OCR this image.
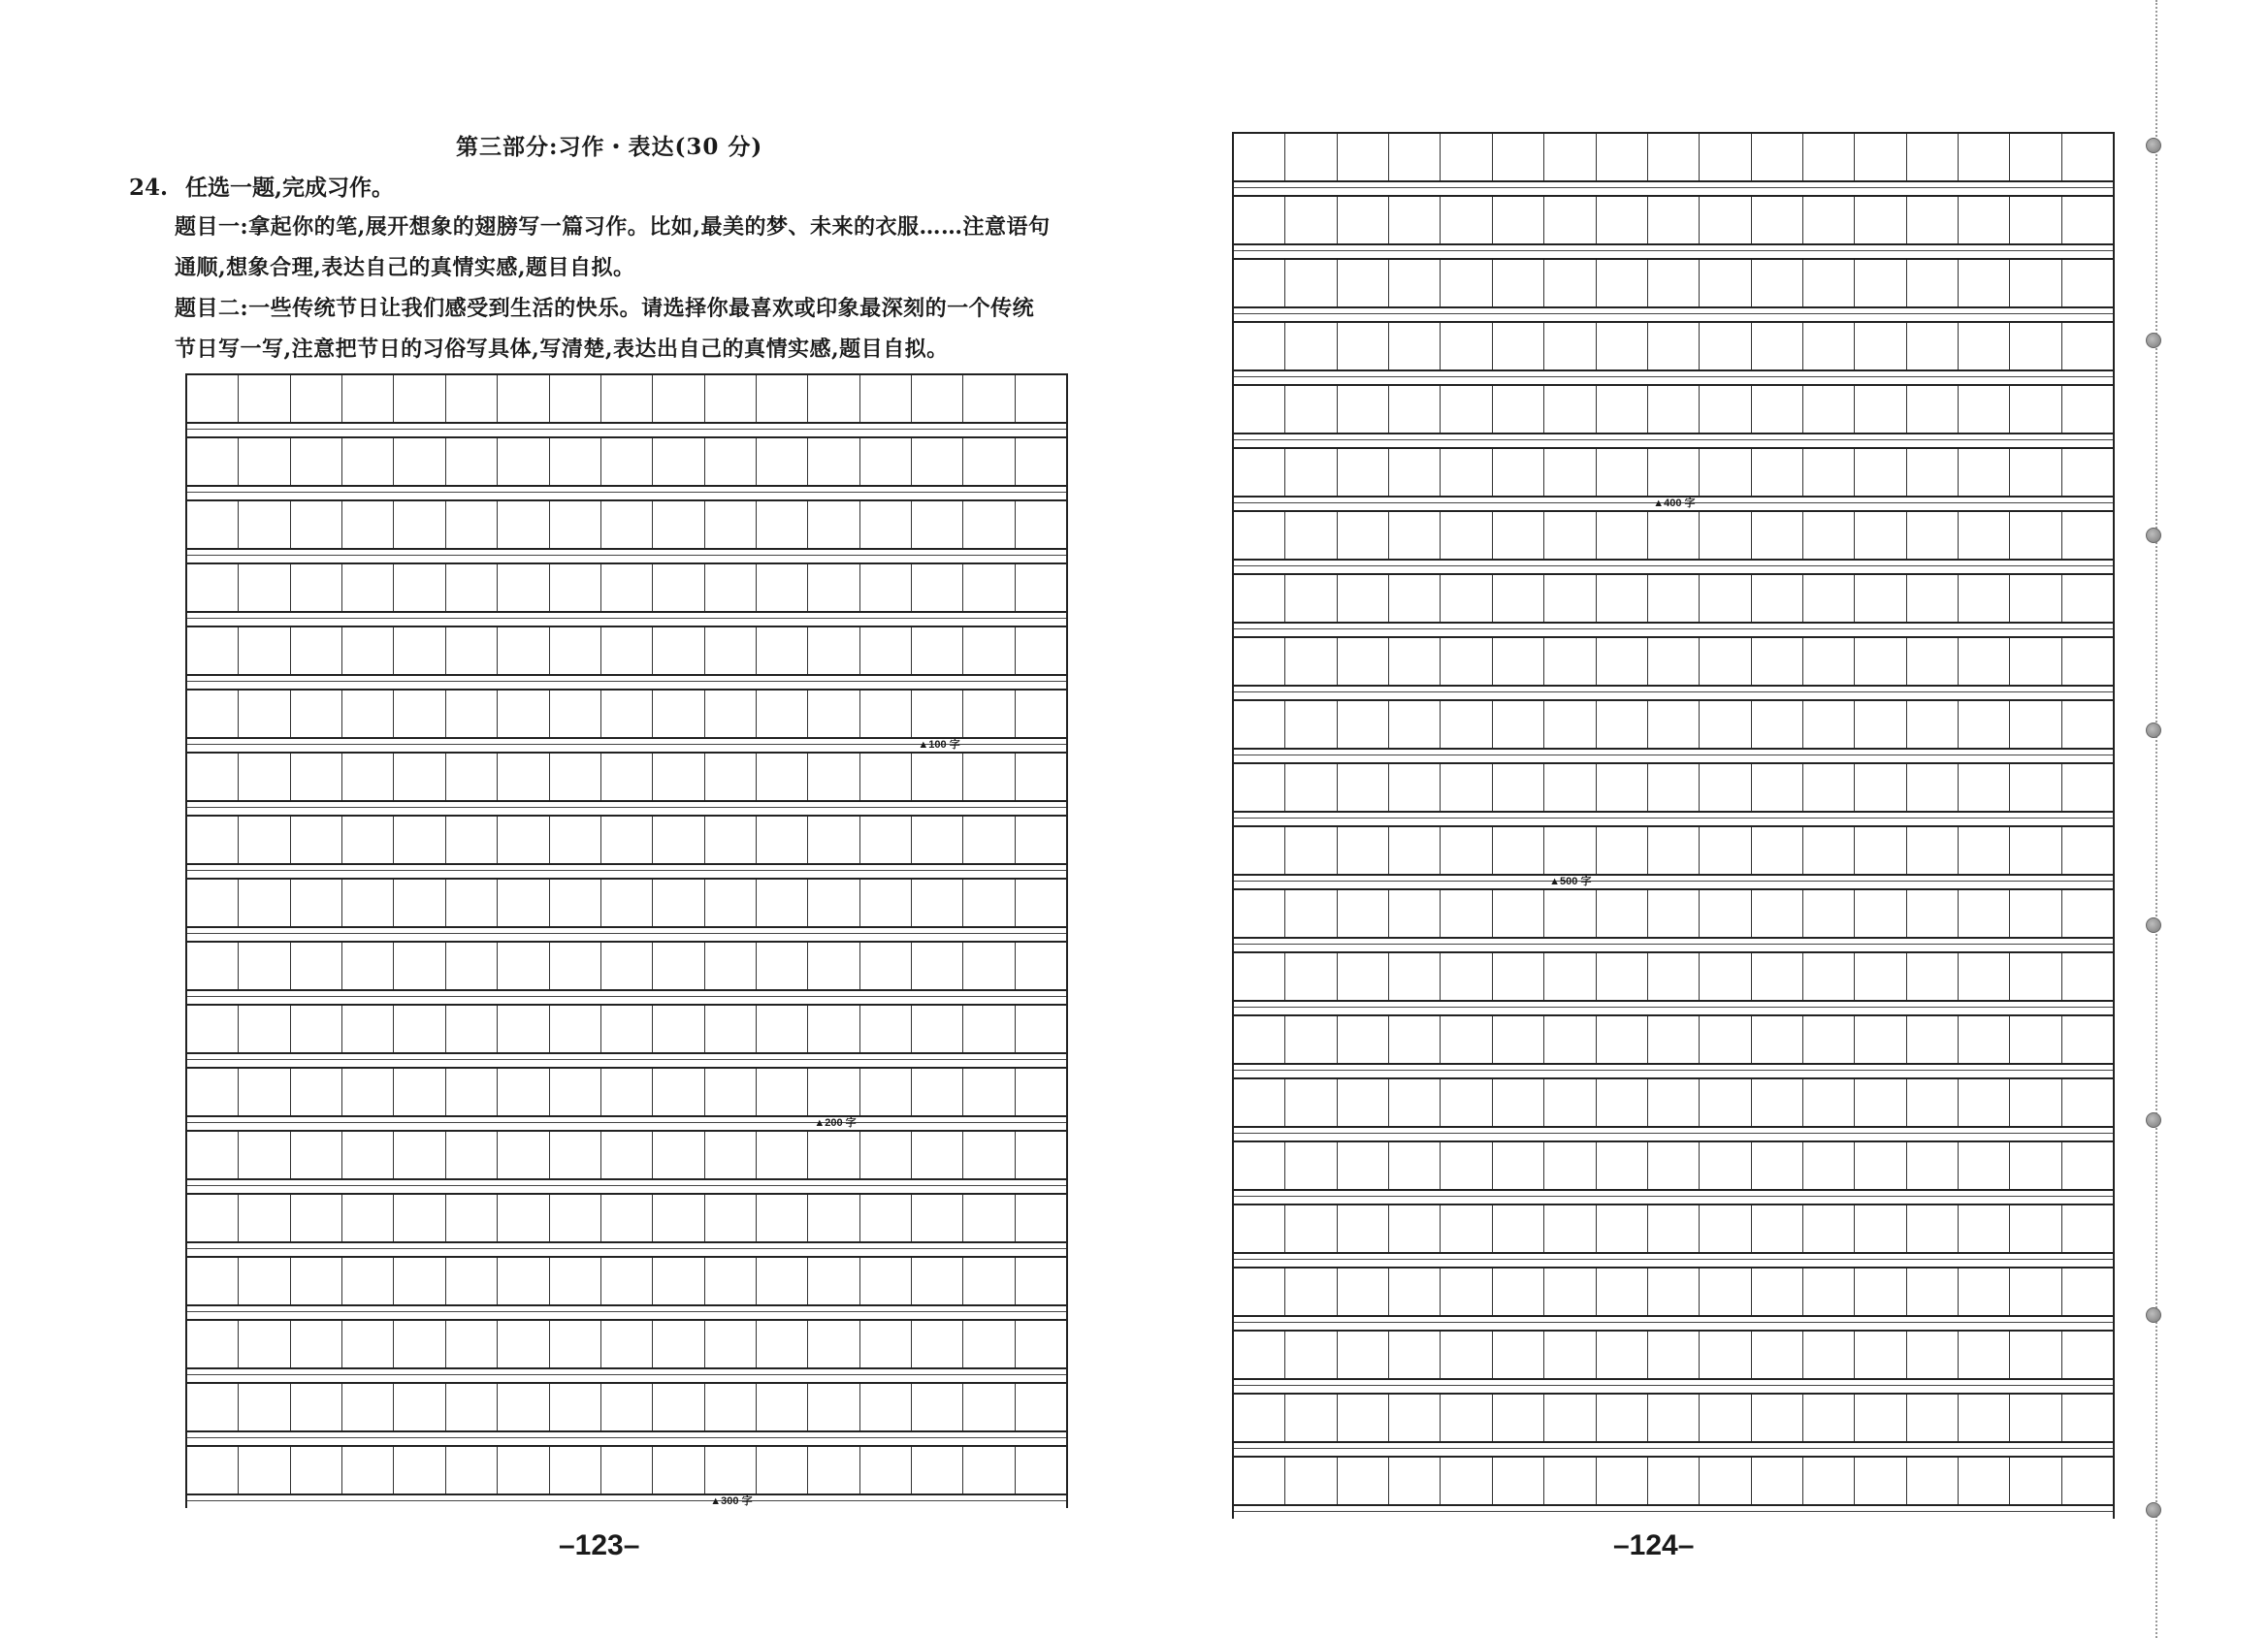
第三部分:习作・表达(30 分)
24. 任选一题,完成习作。
题目一:拿起你的笔,展开想象的翅膀写一篇习作。比如,最美的梦、未来的衣服……注意语句
通顺,想象合理,表达自己的真情实感,题目自拟。
题目二:一些传统节日让我们感受到生活的快乐。请选择你最喜欢或印象最深刻的一个传统
节日写一写,注意把节日的习俗写具体,写清楚,表达出自己的真情实感,题目自拟。
▲100 字
▲200 字
▲300 字
–123–	–124–
▲400 字
▲500 字
